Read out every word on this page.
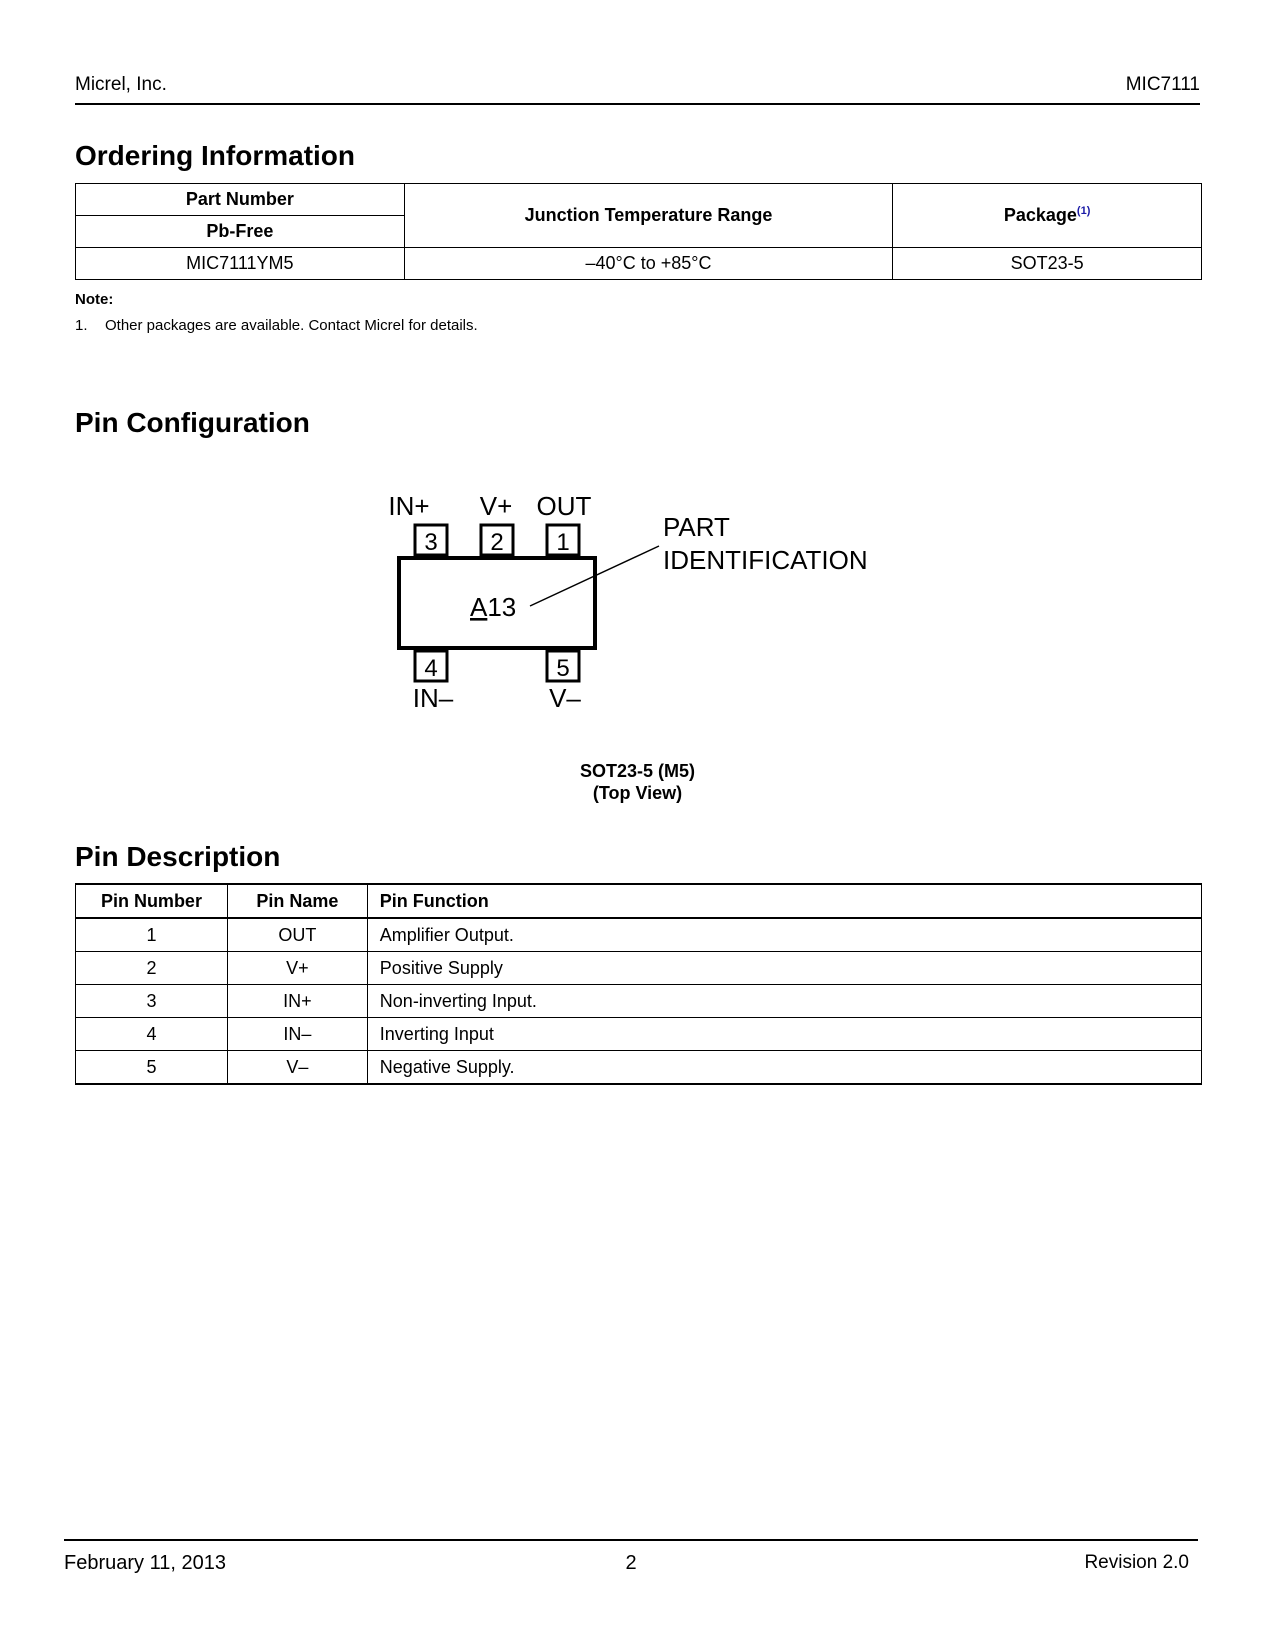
Micrel, Inc.	MIC7111
Ordering Information
Part Number	Junction Temperature Range	Package$^{(1)}$
Pb-Free		
MIC7111YM5	–40°C to +85°C	SOT23-5
Note:
1. Other packages are available. Contact Micrel for details.
Pin Configuration
IN+ V+ OUT
3 2 1
A13
PART
IDENTIFICATION
4	5
IN–	V–
SOT23-5 (M5)
(Top View)
Pin Description
Pin Number	Pin Name	Pin Function
1	OUT	Amplifier Output.
2	V+	Positive Supply
3	IN+	Non-inverting Input.
4	IN–	Inverting Input
5	V–	Negative Supply.
February 11, 2013	2	Revision 2.0
